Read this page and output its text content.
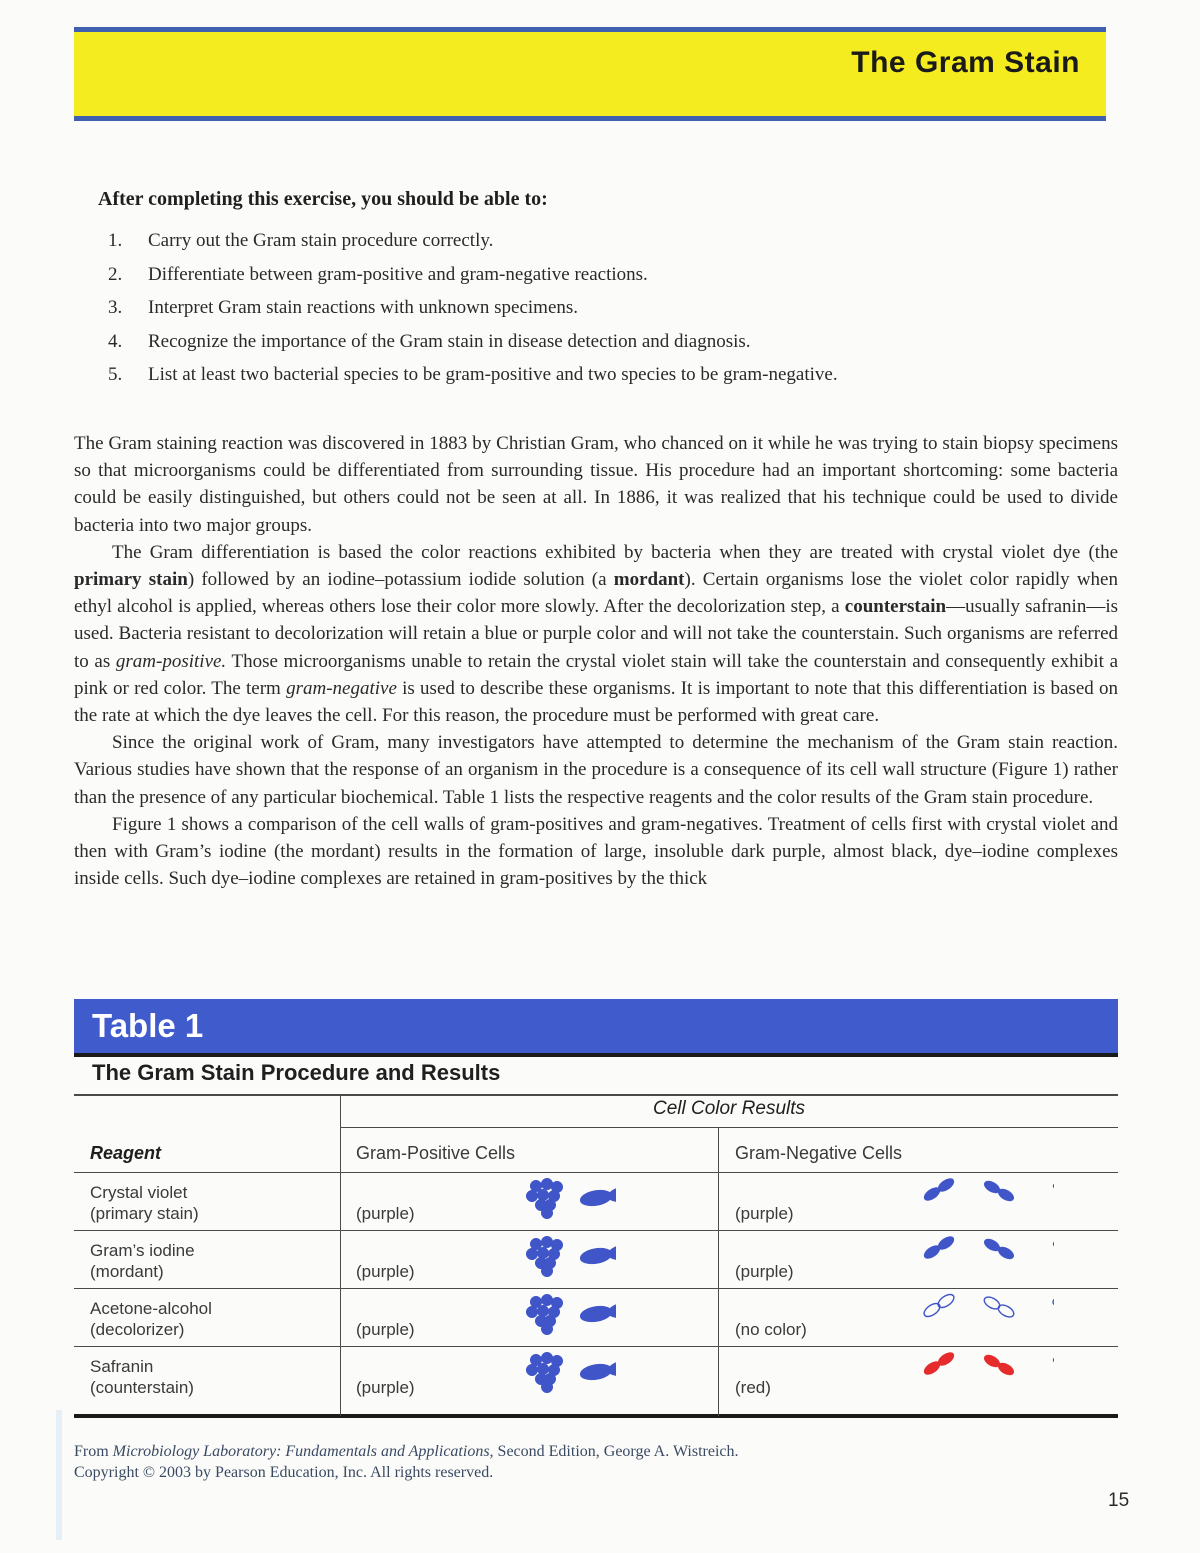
The Gram Stain
After completing this exercise, you should be able to:
1.	Carry out the Gram stain procedure correctly.
2.	Differentiate between gram-positive and gram-negative reactions.
3.	Interpret Gram stain reactions with unknown specimens.
4.	Recognize the importance of the Gram stain in disease detection and diagnosis.
5.	List at least two bacterial species to be gram-positive and two species to be gram-negative.

The Gram staining reaction was discovered in 1883 by Christian Gram, who chanced on it while he was trying to stain biopsy specimens so that microorganisms could be differentiated from surrounding tissue. His procedure had an important shortcoming: some bacteria could be easily distinguished, but others could not be seen at all. In 1886, it was realized that his technique could be used to divide bacteria into two major groups.

The Gram differentiation is based the color reactions exhibited by bacteria when they are treated with crystal violet dye (the primary stain) followed by an iodine–potassium iodide solution (a mordant). Certain organisms lose the violet color rapidly when ethyl alcohol is applied, whereas others lose their color more slowly. After the decolorization step, a counterstain—usually safranin—is used. Bacteria resistant to decolorization will retain a blue or purple color and will not take the counterstain. Such organisms are referred to as gram-positive. Those microorganisms unable to retain the crystal violet stain will take the counterstain and consequently exhibit a pink or red color. The term gram-negative is used to describe these organisms. It is important to note that this differentiation is based on the rate at which the dye leaves the cell. For this reason, the procedure must be performed with great care.

Since the original work of Gram, many investigators have attempted to determine the mechanism of the Gram stain reaction. Various studies have shown that the response of an organism in the procedure is a consequence of its cell wall structure (Figure 1) rather than the presence of any particular biochemical. Table 1 lists the respective reagents and the color results of the Gram stain procedure.

Figure 1 shows a comparison of the cell walls of gram-positives and gram-negatives. Treatment of cells first with crystal violet and then with Gram’s iodine (the mordant) results in the formation of large, insoluble dark purple, almost black, dye–iodine complexes inside cells. Such dye–iodine complexes are retained in gram-positives by the thick

Table 1
The Gram Stain Procedure and Results
Cell Color Results
Reagent	Gram-Positive Cells	Gram-Negative Cells
Crystal violet
(primary stain)	(purple)	(purple)
Gram’s iodine
(mordant)	(purple)	(purple)
Acetone-alcohol
(decolorizer)	(purple)	(no color)
Safranin
(counterstain)	(purple)	(red)
From Microbiology Laboratory: Fundamentals and Applications, Second Edition, George A. Wistreich.
Copyright © 2003 by Pearson Education, Inc. All rights reserved.
15
